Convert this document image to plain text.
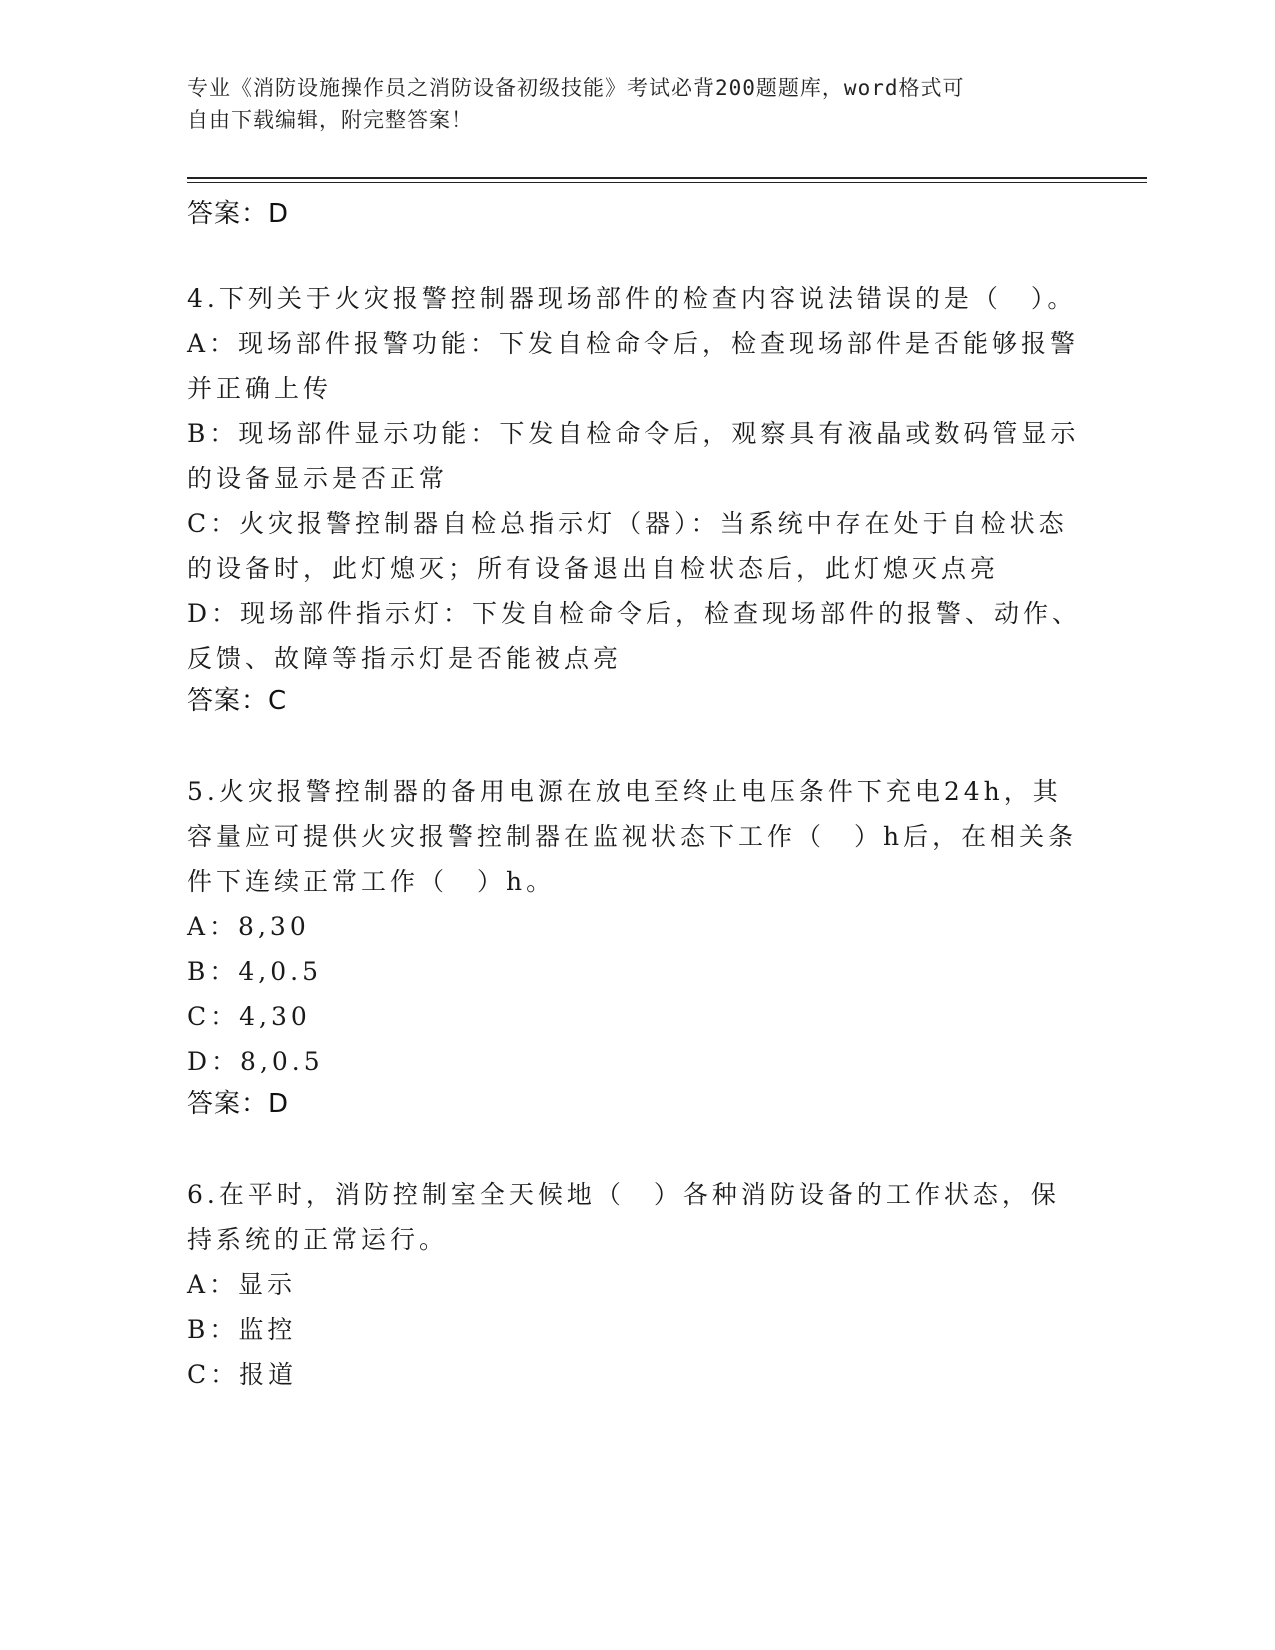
专业《消防设施操作员之消防设备初级技能》考试必背200题题库，word格式可
自由下载编辑，附完整答案！

答案：D

4.下列关于火灾报警控制器现场部件的检查内容说法错误的是（　）。

A：现场部件报警功能：下发自检命令后，检查现场部件是否能够报警并正确上传

B：现场部件显示功能：下发自检命令后，观察具有液晶或数码管显示的设备显示是否正常

C：火灾报警控制器自检总指示灯（器）：当系统中存在处于自检状态的设备时，此灯熄灭；所有设备退出自检状态后，此灯熄灭点亮

D：现场部件指示灯：下发自检命令后，检查现场部件的报警、动作、反馈、故障等指示灯是否能被点亮

答案：C

5.火灾报警控制器的备用电源在放电至终止电压条件下充电24h，其容量应可提供火灾报警控制器在监视状态下工作（　）h后，在相关条件下连续正常工作（　）h。

A：8,30

B：4,0.5

C：4,30

D：8,0.5

答案：D

6.在平时，消防控制室全天候地（　）各种消防设备的工作状态，保持系统的正常运行。

A：显示

B：监控

C：报道
